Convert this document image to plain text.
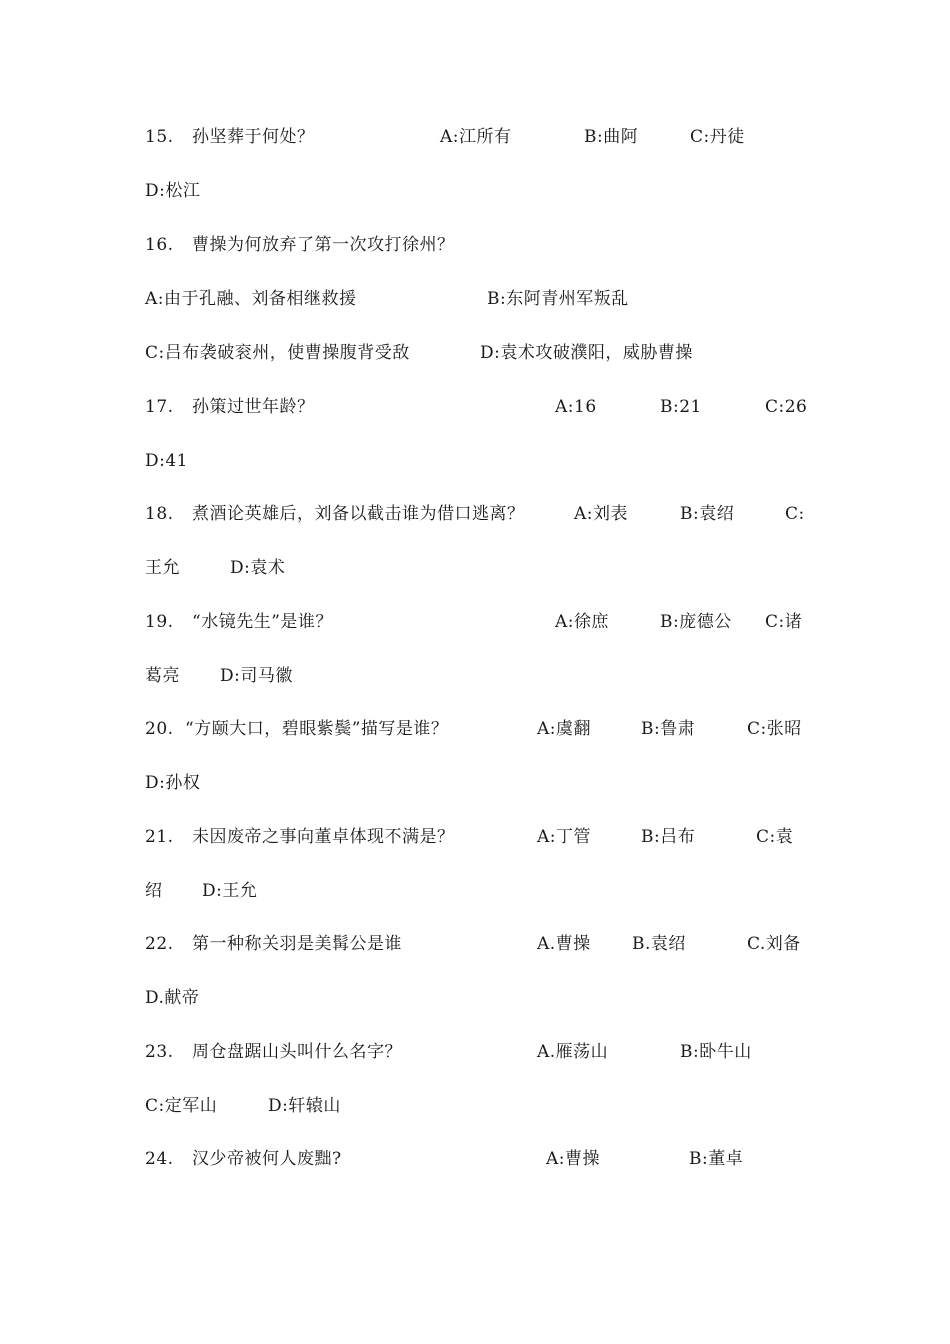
15. 孙坚葬于何处？	A:江所有	B:曲阿	C:丹徒
D:松江
16. 曹操为何放弃了第一次攻打徐州？
A:由于孔融、刘备相继救援	B:东阿青州军叛乱
C:吕布袭破衮州，使曹操腹背受敌	D:袁术攻破濮阳，威胁曹操
17. 孙策过世年龄？	A:16	B:21	C:26
D:41
18. 煮酒论英雄后，刘备以截击谁为借口逃离？	A:刘表	B:袁绍	C:
王允	D:袁术
19. “水镜先生”是谁？	A:徐庶	B:庞德公 C:诸
葛亮 D:司马徽
20. “方颐大口，碧眼紫鬓”描写是谁？	A:虞翻	B:鲁肃	C:张昭
D:孙权
21. 未因废帝之事向董卓体现不满是？	A:丁管	B:吕布	C:袁
绍 D:王允
22. 第一种称关羽是美髯公是谁	A.曹操 B.袁绍	C.刘备
D.献帝
23. 周仓盘踞山头叫什么名字？	A.雁荡山	B:卧牛山
C:定军山	D:轩辕山
24. 汉少帝被何人废黜?	A:曹操	B:董卓
